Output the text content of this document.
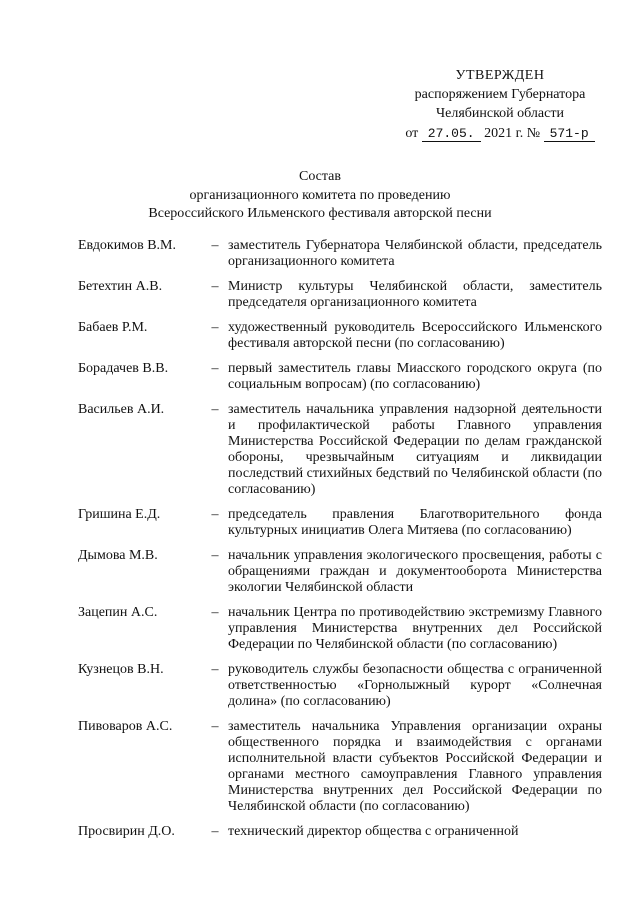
УТВЕРЖДЕН
распоряжением Губернатора
Челябинской области
от 27.05. 2021 г. № 571-р
Состав
организационного комитета по проведению
Всероссийского Ильменского фестиваля авторской песни
Евдокимов В.М.	– заместитель Губернатора Челябинской области, председатель организационного комитета
Бетехтин А.В.	– Министр культуры Челябинской области, заместитель председателя организационного комитета
Бабаев Р.М.	– художественный руководитель Всероссийского Ильменского фестиваля авторской песни (по согласованию)
Борадачев В.В.	– первый заместитель главы Миасского городского округа (по социальным вопросам) (по согласованию)
Васильев А.И.	– заместитель начальника управления надзорной деятельности и профилактической работы Главного управления Министерства Российской Федерации по делам гражданской обороны, чрезвычайным ситуациям и ликвидации последствий стихийных бедствий по Челябинской области (по согласованию)
Гришина Е.Д.	– председатель правления Благотворительного фонда культурных инициатив Олега Митяева (по согласованию)
Дымова М.В.	– начальник управления экологического просвещения, работы с обращениями граждан и документооборота Министерства экологии Челябинской области
Зацепин А.С.	– начальник Центра по противодействию экстремизму Главного управления Министерства внутренних дел Российской Федерации по Челябинской области (по согласованию)
Кузнецов В.Н.	– руководитель службы безопасности общества с ограниченной ответственностью «Горнолыжный курорт «Солнечная долина» (по согласованию)
Пивоваров А.С.	– заместитель начальника Управления организации охраны общественного порядка и взаимодействия с органами исполнительной власти субъектов Российской Федерации и органами местного самоуправления Главного управления Министерства внутренних дел Российской Федерации по Челябинской области (по согласованию)
Просвирин Д.О.	– технический директор общества с ограниченной
